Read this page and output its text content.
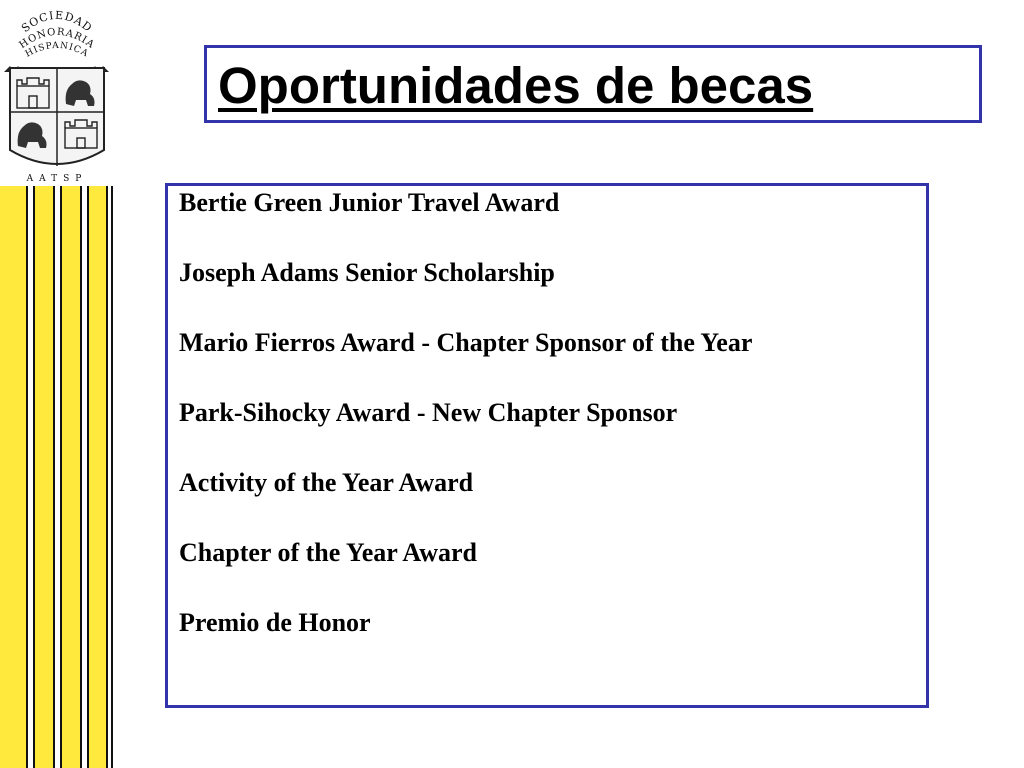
SOCIEDAD
HONORARIA
HISPANICA
AATSP
Oportunidades de becas
Bertie Green Junior Travel Award
Joseph Adams Senior Scholarship
Mario Fierros Award - Chapter Sponsor of the Year
Park-Sihocky Award - New Chapter Sponsor
Activity of the Year Award
Chapter of the Year Award
Premio de Honor
